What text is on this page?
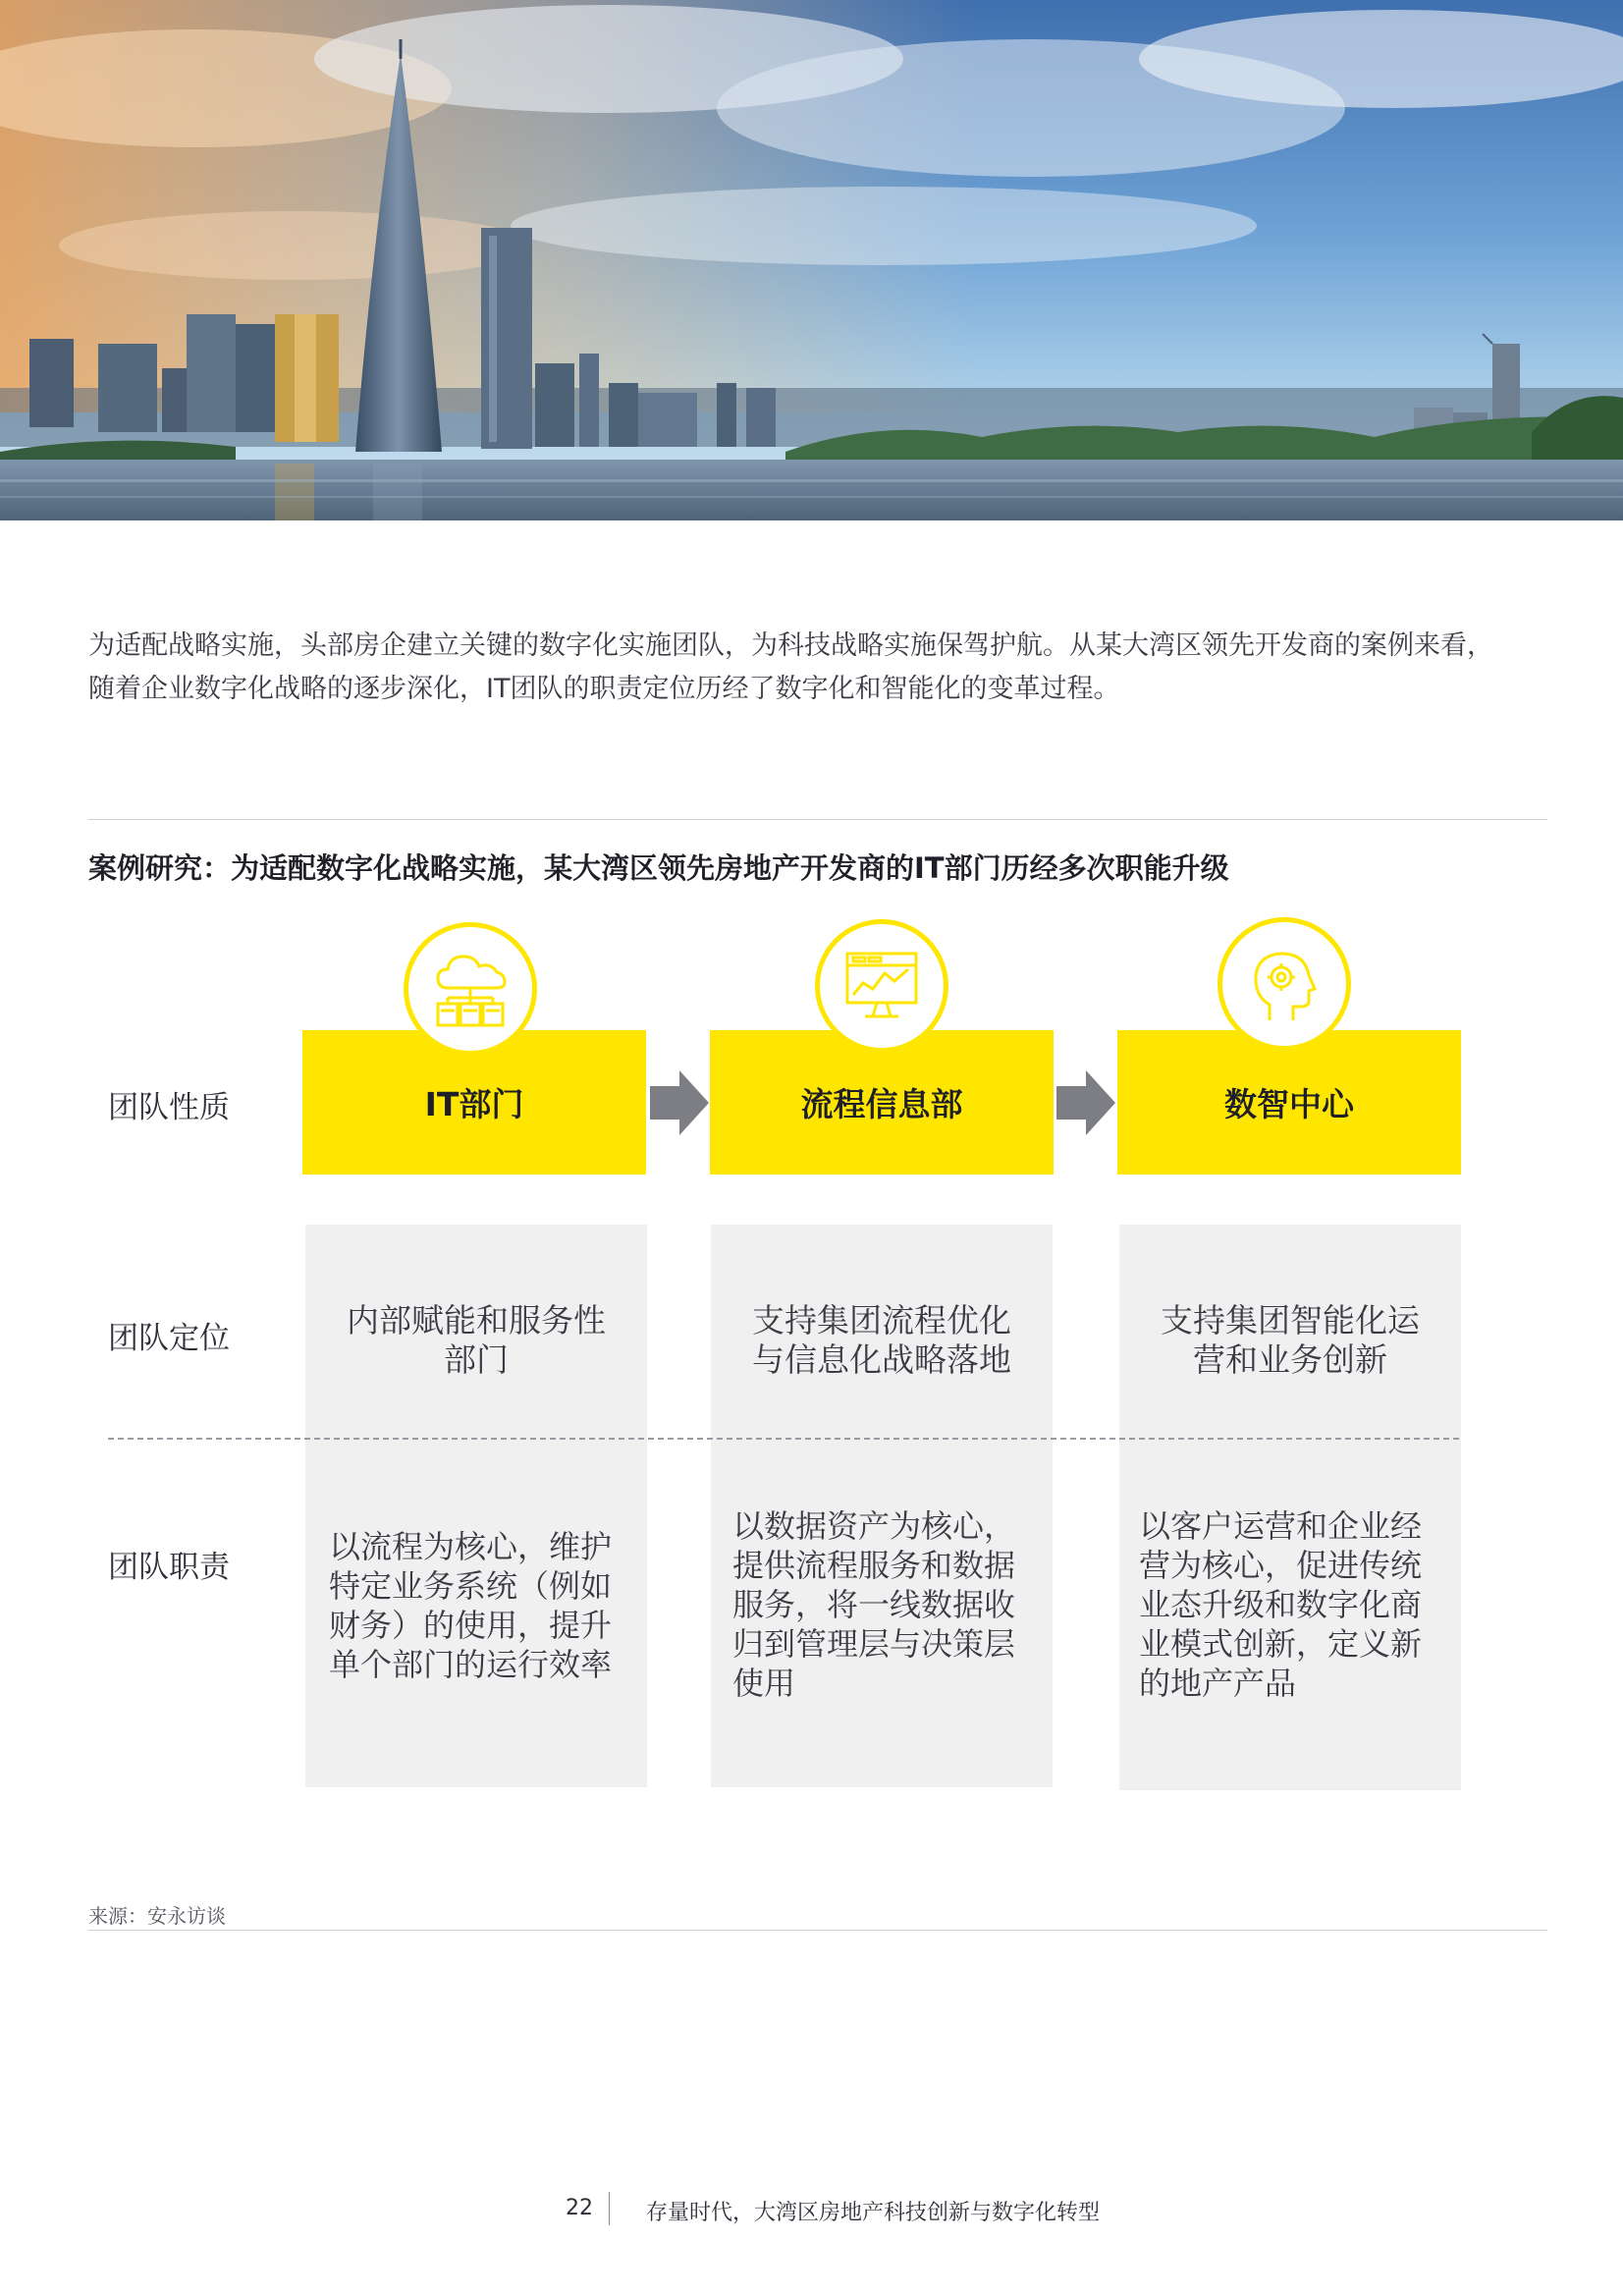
为适配战略实施，头部房企建立关键的数字化实施团队，为科技战略实施保驾护航。从某大湾区领先开发商的案例来看，

随着企业数字化战略的逐步深化，IT团队的职责定位历经了数字化和智能化的变革过程。

案例研究：为适配数字化战略实施，某大湾区领先房地产开发商的IT部门历经多次职能升级
团队性质
团队定位
团队职责
IT部门	流程信息部	数智中心
内部赋能和服务性
部门
支持集团流程优化
与信息化战略落地
支持集团智能化运
营和业务创新
以流程为核心，维护
特定业务系统（例如
财务）的使用，提升
单个部门的运行效率
以数据资产为核心，
提供流程服务和数据
服务，将一线数据收
归到管理层与决策层
使用
以客户运营和企业经
营为核心，促进传统
业态升级和数字化商
业模式创新，定义新
的地产产品
来源：安永访谈
22 存量时代，大湾区房地产科技创新与数字化转型
